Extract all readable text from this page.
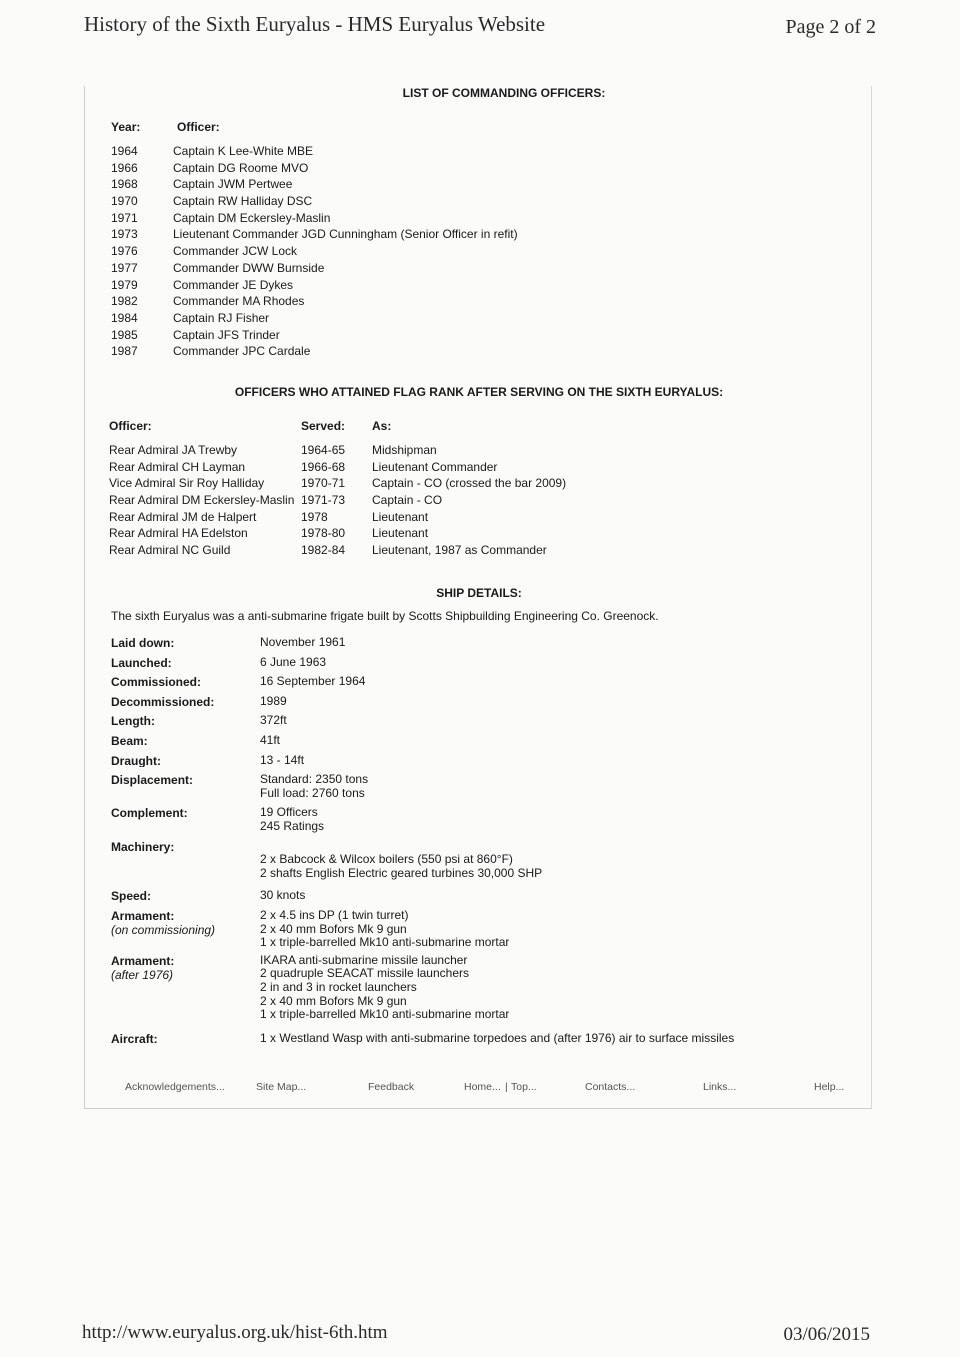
History of the Sixth Euryalus - HMS Euryalus Website	Page 2 of 2
LIST OF COMMANDING OFFICERS:
Year:	Officer:
1964	Captain K Lee-White MBE
1966	Captain DG Roome MVO
1968	Captain JWM Pertwee
1970	Captain RW Halliday DSC
1971	Captain DM Eckersley-Maslin
1973	Lieutenant Commander JGD Cunningham (Senior Officer in refit)
1976	Commander JCW Lock
1977	Commander DWW Burnside
1979	Commander JE Dykes
1982	Commander MA Rhodes
1984	Captain RJ Fisher
1985	Captain JFS Trinder
1987	Commander JPC Cardale
OFFICERS WHO ATTAINED FLAG RANK AFTER SERVING ON THE SIXTH EURYALUS:
Officer:	Served: As:
Rear Admiral JA Trewby	1964-65 Midshipman
Rear Admiral CH Layman	1966-68 Lieutenant Commander
Vice Admiral Sir Roy Halliday	1970-71 Captain - CO (crossed the bar 2009)
Rear Admiral DM Eckersley-Maslin 1971-73 Captain - CO
Rear Admiral JM de Halpert	1978	Lieutenant
Rear Admiral HA Edelston	1978-80 Lieutenant
Rear Admiral NC Guild	1982-84 Lieutenant, 1987 as Commander
SHIP DETAILS:
The sixth Euryalus was a anti-submarine frigate built by Scotts Shipbuilding Engineering Co. Greenock.
Laid down:	November 1961
Launched:	6 June 1963
Commissioned:	16 September 1964
Decommissioned:	1989
Length:	372ft
Beam:	41ft
Draught:	13 - 14ft
Displacement:	Standard: 2350 tons
Full load: 2760 tons
Complement:	19 Officers
245 Ratings
Machinery:

2 x Babcock & Wilcox boilers (550 psi at 860°F)
2 shafts English Electric geared turbines 30,000 SHP
Speed:	30 knots
Armament:
(on commissioning)
2 x 4.5 ins DP (1 twin turret)
2 x 40 mm Bofors Mk 9 gun
1 x triple-barrelled Mk10 anti-submarine mortar
Armament:
(after 1976)
IKARA anti-submarine missile launcher
2 quadruple SEACAT missile launchers
2 in and 3 in rocket launchers
2 x 40 mm Bofors Mk 9 gun
1 x triple-barrelled Mk10 anti-submarine mortar
Aircraft:	1 x Westland Wasp with anti-submarine torpedoes and (after 1976) air to surface missiles
Acknowledgements...	Site Map...	Feedback	Home... | Top...	Contacts...	Links...	Help...
http://www.euryalus.org.uk/hist-6th.htm	03/06/2015
